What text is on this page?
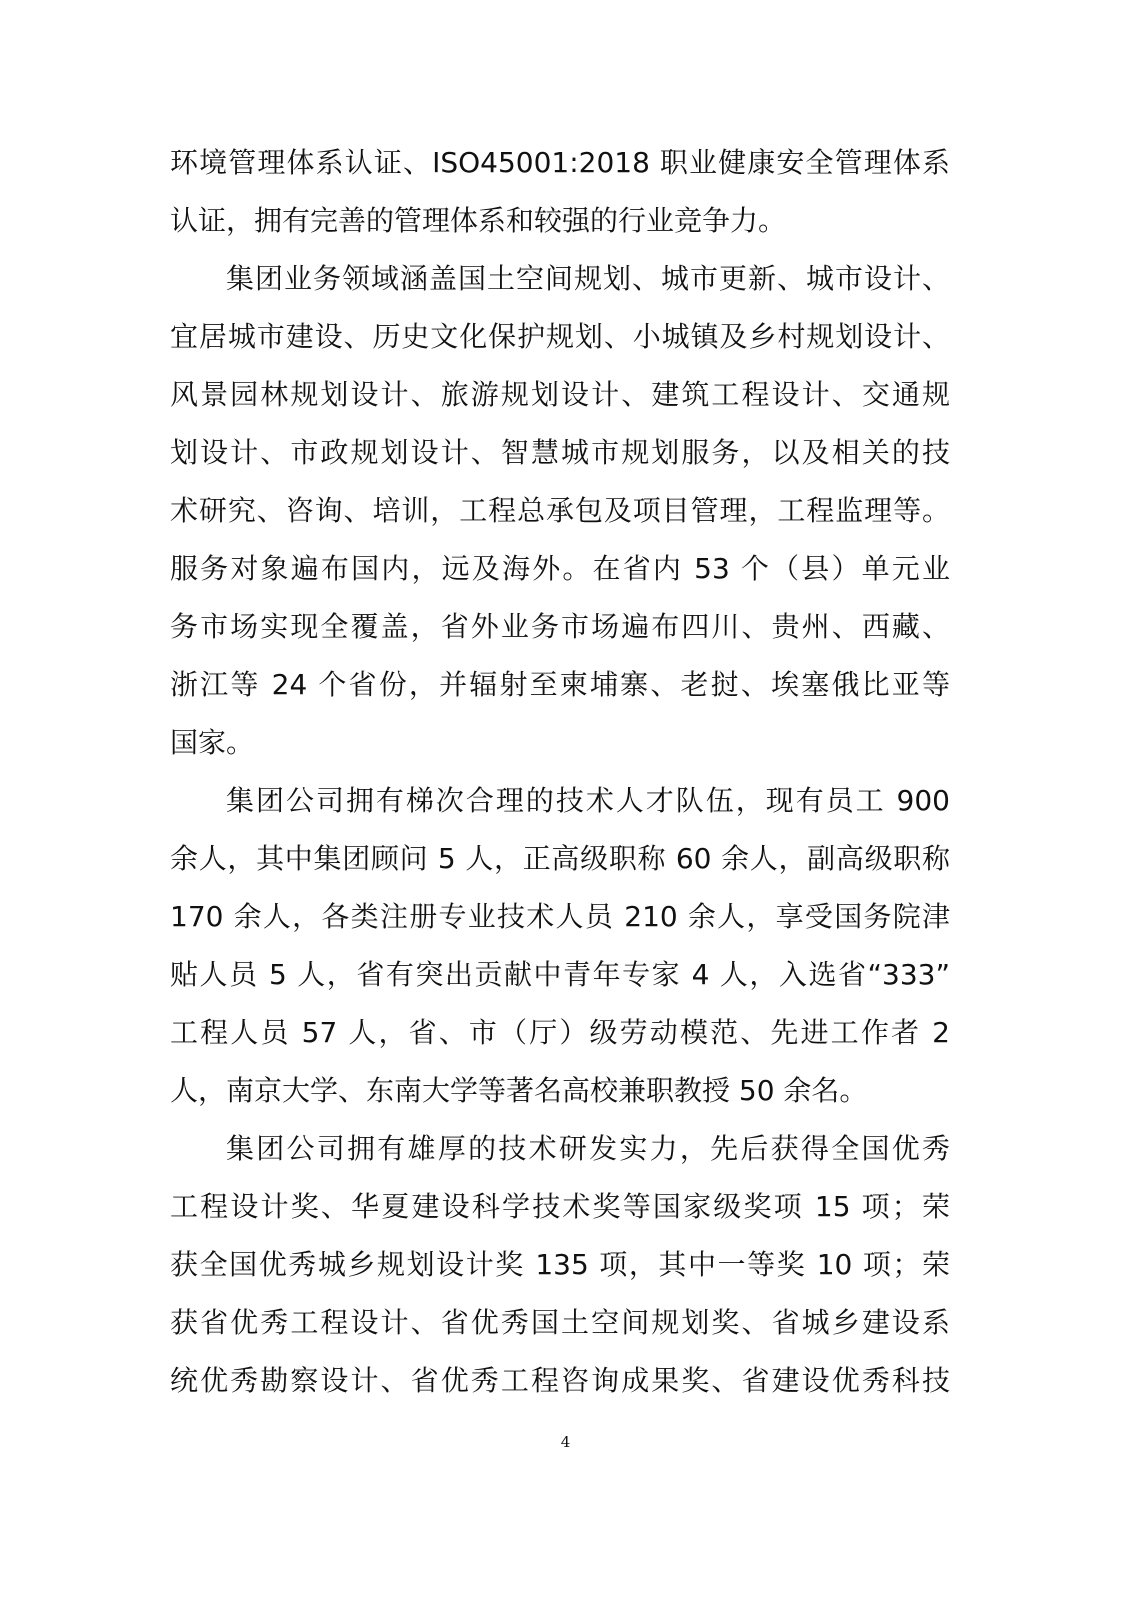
环境管理体系认证、ISO45001:2018 职业健康安全管理体系
认证，拥有完善的管理体系和较强的行业竞争力。
集团业务领域涵盖国土空间规划、城市更新、城市设计、
宜居城市建设、历史文化保护规划、小城镇及乡村规划设计、
风景园林规划设计、旅游规划设计、建筑工程设计、交通规
划设计、市政规划设计、智慧城市规划服务，以及相关的技
术研究、咨询、培训，工程总承包及项目管理，工程监理等。
服务对象遍布国内，远及海外。在省内 53 个（县）单元业
务市场实现全覆盖，省外业务市场遍布四川、贵州、西藏、
浙江等 24 个省份，并辐射至柬埔寨、老挝、埃塞俄比亚等
国家。
集团公司拥有梯次合理的技术人才队伍，现有员工 900
余人，其中集团顾问 5 人，正高级职称 60 余人，副高级职称
170 余人，各类注册专业技术人员 210 余人，享受国务院津
贴人员 5 人，省有突出贡献中青年专家 4 人，入选省“333”
工程人员 57 人，省、市（厅）级劳动模范、先进工作者 2
人，南京大学、东南大学等著名高校兼职教授 50 余名。
集团公司拥有雄厚的技术研发实力，先后获得全国优秀
工程设计奖、华夏建设科学技术奖等国家级奖项 15 项；荣
获全国优秀城乡规划设计奖 135 项，其中一等奖 10 项；荣
获省优秀工程设计、省优秀国土空间规划奖、省城乡建设系
统优秀勘察设计、省优秀工程咨询成果奖、省建设优秀科技
4
